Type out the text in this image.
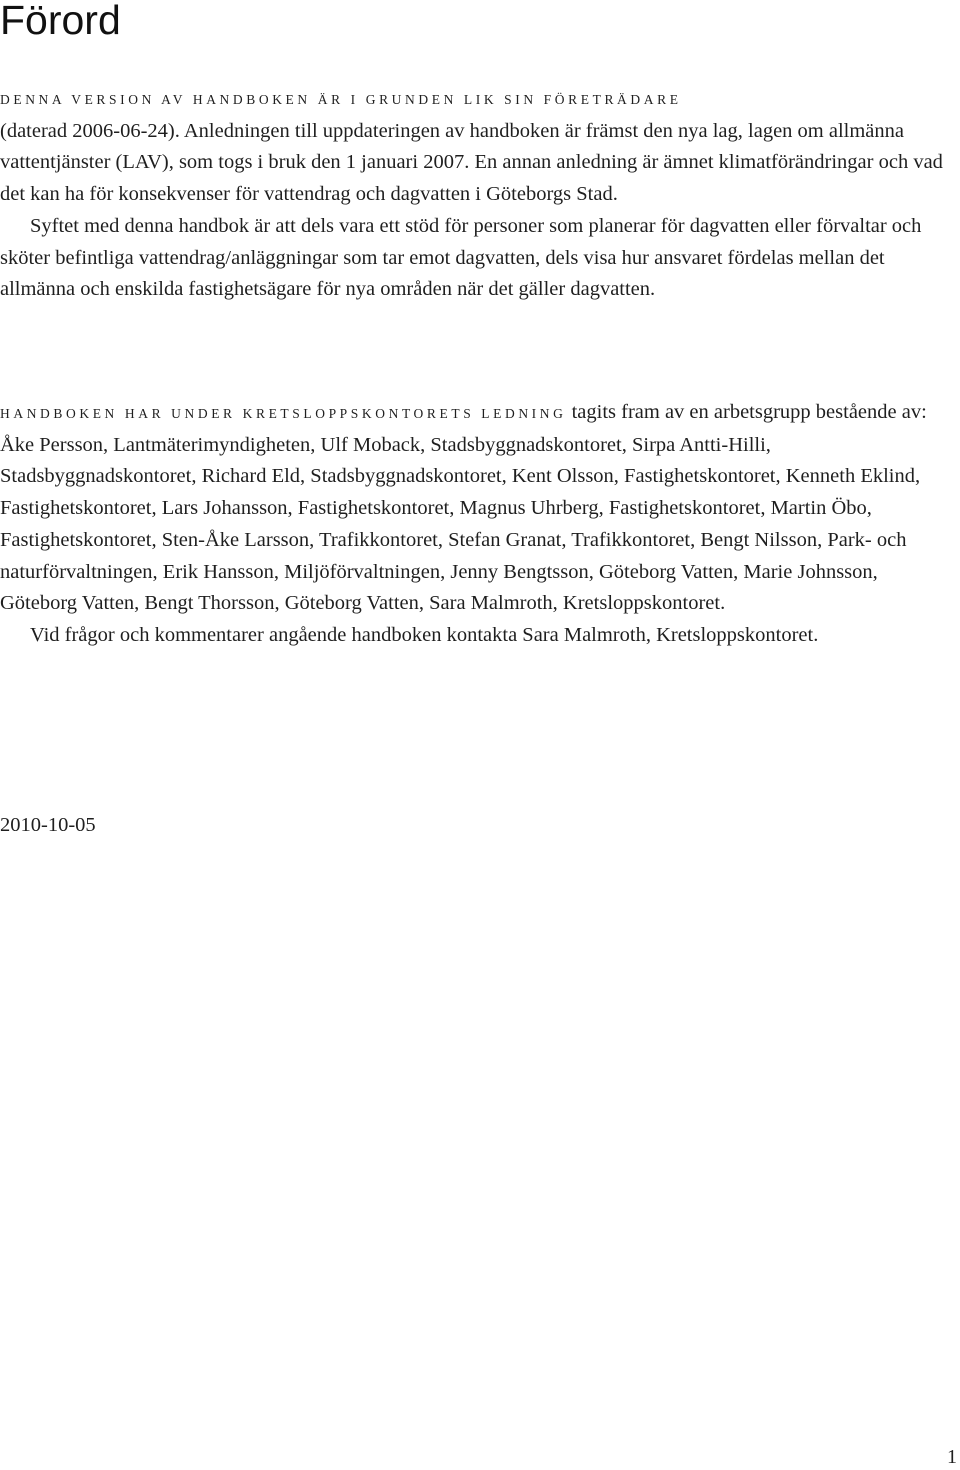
Förord

DENNA VERSION AV HANDBOKEN ÄR I GRUNDEN LIK SIN FÖRETRÄDARE
(daterad 2006-06-24). Anledningen till uppdateringen av handboken är främst den nya lag, lagen om allmänna vattentjänster (LAV), som togs i bruk den 1 januari 2007. En annan anledning är ämnet klimatförändringar och vad det kan ha för konsekvenser för vattendrag och dagvatten i Göteborgs Stad.

Syftet med denna handbok är att dels vara ett stöd för personer som planerar för dagvatten eller förvaltar och sköter befintliga vattendrag/anläggningar som tar emot dagvatten, dels visa hur ansvaret fördelas mellan det allmänna och enskilda fastighetsägare för nya områden när det gäller dagvatten.

HANDBOKEN HAR UNDER KRETSLOPPSKONTORETS LEDNING tagits fram av en arbetsgrupp bestående av: Åke Persson, Lantmäterimyndigheten, Ulf Moback, Stadsbyggnadskontoret, Sirpa Antti-Hilli, Stadsbyggnadskontoret, Richard Eld, Stadsbyggnadskontoret, Kent Olsson, Fastighetskontoret, Kenneth Eklind, Fastighetskontoret, Lars Johansson, Fastighetskontoret, Magnus Uhrberg, Fastighetskontoret, Martin Öbo, Fastighetskontoret, Sten-Åke Larsson, Trafikkontoret, Stefan Granat, Trafikkontoret, Bengt Nilsson, Park- och naturförvaltningen, Erik Hansson, Miljöförvaltningen, Jenny Bengtsson, Göteborg Vatten, Marie Johnsson, Göteborg Vatten, Bengt Thorsson, Göteborg Vatten, Sara Malmroth, Kretsloppskontoret.

Vid frågor och kommentarer angående handboken kontakta Sara Malmroth, Kretsloppskontoret.

2010-10-05

1
